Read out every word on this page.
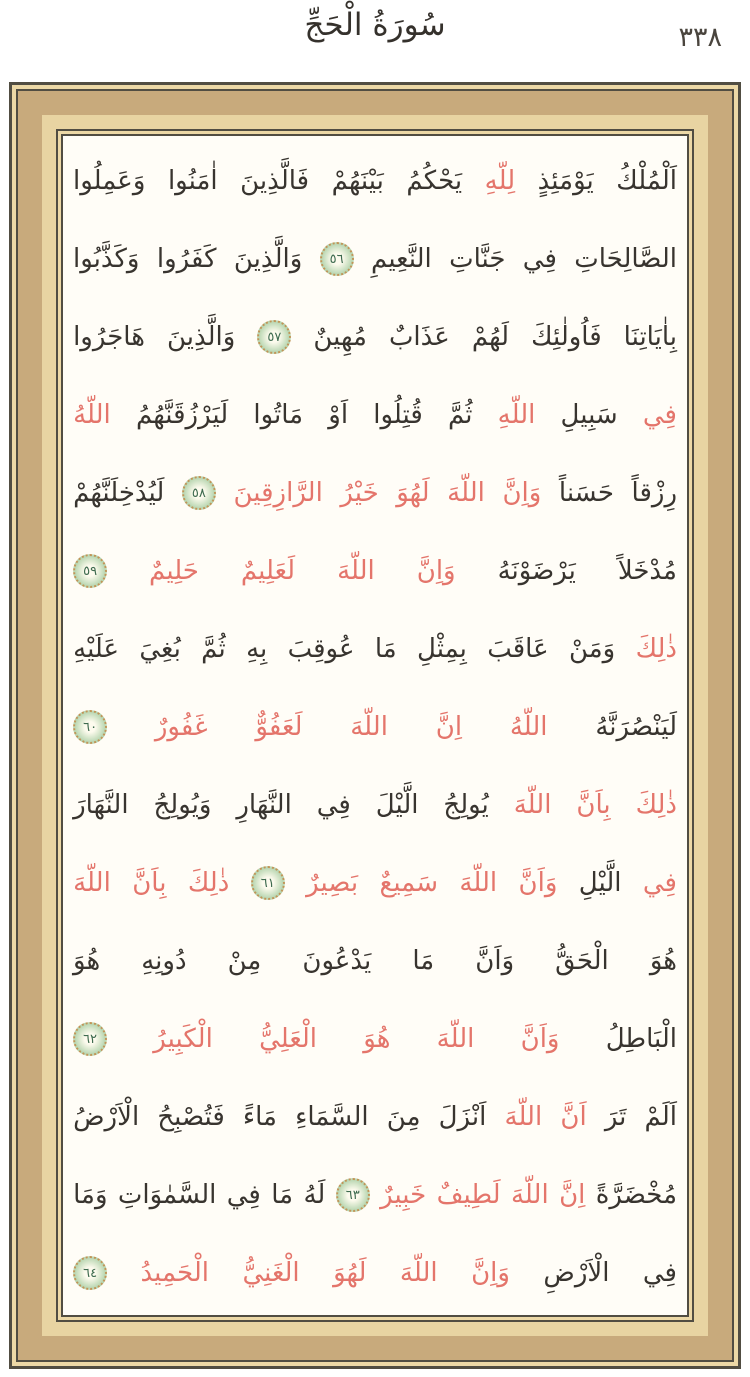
سُورَةُ الْحَجِّ	٣٣٨
اَلْمُلْكُ
يَوْمَئِذٍ
لِلّهِ
يَحْكُمُ
بَيْنَهُمْ
فَالَّذِينَ
اٰمَنُوا
وَعَمِلُوا
الصَّالِحَاتِ
فِي
جَنَّاتِ
النَّعِيمِ
٥٦
وَالَّذِينَ
كَفَرُوا
وَكَذَّبُوا
بِاٰيَاتِنَا
فَاُولٰئِكَ
لَهُمْ
عَذَابٌ
مُهِينٌ
٥٧
وَالَّذِينَ
هَاجَرُوا
فِي
سَبِيلِ
اللّهِ
ثُمَّ
قُتِلُوا
اَوْ
مَاتُوا
لَيَرْزُقَنَّهُمُ
اللّهُ
رِزْقاً
حَسَناً
وَاِنَّ
اللّهَ
لَهُوَ
خَيْرُ
الرَّازِقِينَ
٥٨
لَيُدْخِلَنَّهُمْ
مُدْخَلاً
يَرْضَوْنَهُ
وَاِنَّ
اللّهَ
لَعَلِيمٌ
حَلِيمٌ
٥٩
ذٰلِكَ
وَمَنْ
عَاقَبَ
بِمِثْلِ
مَا
عُوقِبَ
بِهِ
ثُمَّ
بُغِيَ
عَلَيْهِ
لَيَنْصُرَنَّهُ
اللّهُ
اِنَّ
اللّهَ
لَعَفُوٌّ
غَفُورٌ
٦٠
ذٰلِكَ
بِاَنَّ
اللّهَ
يُولِجُ
الَّيْلَ
فِي
النَّهَارِ
وَيُولِجُ
النَّهَارَ
فِي
الَّيْلِ
وَاَنَّ
اللّهَ
سَمِيعٌ
بَصِيرٌ
٦١
ذٰلِكَ
بِاَنَّ
اللّهَ
هُوَ
الْحَقُّ
وَاَنَّ
مَا
يَدْعُونَ
مِنْ
دُونِهِ
هُوَ
الْبَاطِلُ
وَاَنَّ
اللّهَ
هُوَ
الْعَلِيُّ
الْكَبِيرُ
٦٢
اَلَمْ
تَرَ
اَنَّ
اللّهَ
اَنْزَلَ
مِنَ
السَّمَاءِ
مَاءً
فَتُصْبِحُ
الْاَرْضُ
مُخْضَرَّةً
اِنَّ
اللّهَ
لَطِيفٌ
خَبِيرٌ
٦٣
لَهُ
مَا
فِي
السَّمٰوَاتِ
وَمَا
فِي
الْاَرْضِ
وَاِنَّ
اللّهَ
لَهُوَ
الْغَنِيُّ
الْحَمِيدُ
٦٤
